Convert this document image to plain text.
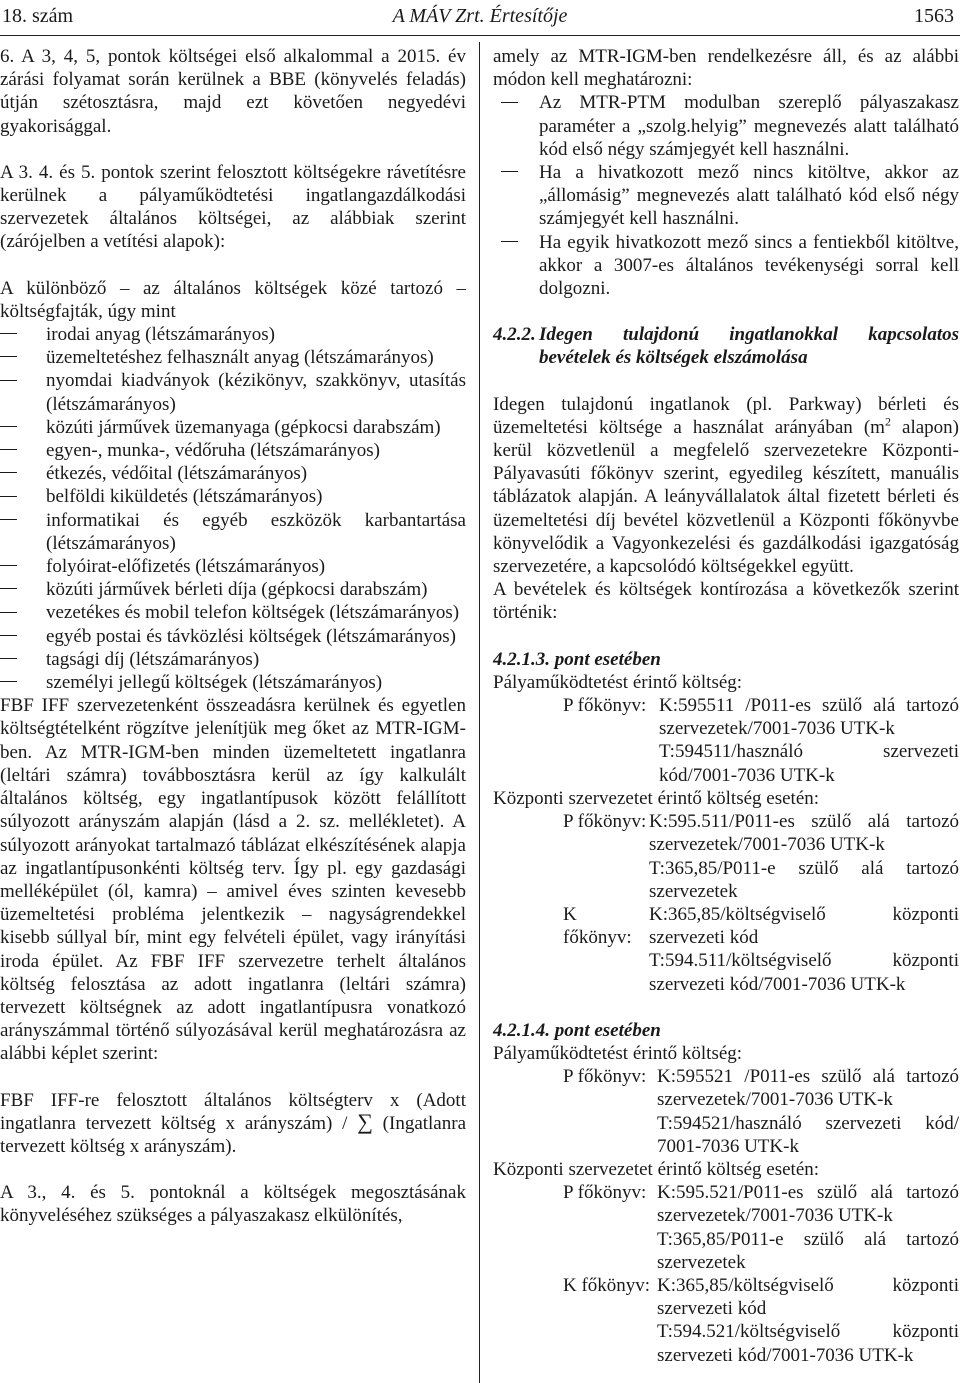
18. szám	A MÁV Zrt. Értesítője	1563

6. A 3, 4, 5, pontok költségei első alkalommal a 2015. év zárási folyamat során kerülnek a BBE (könyvelés feladás) útján szétosztásra, majd ezt követően negyedévi gyakorisággal.

A 3. 4. és 5. pontok szerint felosztott költségekre rávetítésre kerülnek a pályaműködtetési ingatlangazdálkodási szervezetek általános költségei, az alábbiak szerint (zárójelben a vetítési alapok):

A különböző – az általános költségek közé tartozó – költségfajták, úgy mint

irodai anyag (létszámarányos)
üzemeltetéshez felhasznált anyag (létszámarányos)
nyomdai kiadványok (kézikönyv, szakkönyv, utasítás (létszámarányos)
közúti járművek üzemanyaga (gépkocsi darabszám)
egyen-, munka-, védőruha (létszámarányos)
étkezés, védőital (létszámarányos)
belföldi kiküldetés (létszámarányos)
informatikai és egyéb eszközök karbantartása (létszámarányos)
folyóirat-előfizetés (létszámarányos)
közúti járművek bérleti díja (gépkocsi darabszám)
vezetékes és mobil telefon költségek (létszámarányos)
egyéb postai és távközlési költségek (létszámarányos)
tagsági díj (létszámarányos)
személyi jellegű költségek (létszámarányos)

FBF IFF szervezetenként összeadásra kerülnek és egyetlen költségtételként rögzítve jelenítjük meg őket az MTR-IGM-ben. Az MTR-IGM-ben minden üzemeltetett ingatlanra (leltári számra) továbbosztásra kerül az így kalkulált általános költség, egy ingatlantípusok között felállított súlyozott arányszám alapján (lásd a 2. sz. mellékletet). A súlyozott arányokat tartalmazó táblázat elkészítésének alapja az ingatlantípusonkénti költség terv. Így pl. egy gazdasági melléképület (ól, kamra) – amivel éves szinten kevesebb üzemeltetési probléma jelentkezik – nagyságrendekkel kisebb súllyal bír, mint egy felvételi épület, vagy irányítási iroda épület. Az FBF IFF szervezetre terhelt általános költség felosztása az adott ingatlanra (leltári számra) tervezett költségnek az adott ingatlantípusra vonatkozó arányszámmal történő súlyozásával kerül meghatározásra az alábbi képlet szerint:

FBF IFF-re felosztott általános költségterv x (Adott ingatlanra tervezett költség x arányszám) / ∑ (Ingatlanra tervezett költség x arányszám).

A 3., 4. és 5. pontoknál a költségek megosztásának könyveléséhez szükséges a pályaszakasz elkülönítés,

amely az MTR-IGM-ben rendelkezésre áll, és az alábbi módon kell meghatározni:

Az MTR-PTM modulban szereplő pályaszakasz paraméter a „szolg.helyig” megnevezés alatt található kód első négy számjegyét kell használni.
Ha a hivatkozott mező nincs kitöltve, akkor az „állomásig” megnevezés alatt található kód első négy számjegyét kell használni.
Ha egyik hivatkozott mező sincs a fentiekből kitöltve, akkor a 3007-es általános tevékenységi sorral kell dolgozni.
4.2.2. Idegen tulajdonú ingatlanokkal kapcsolatos bevételek és költségek elszámolása

Idegen tulajdonú ingatlanok (pl. Parkway) bérleti és üzemeltetési költsége a használat arányában ($m^2$ alapon) kerül közvetlenül a megfelelő szervezetekre Központi-Pályavasúti főkönyv szerint, egyedileg készített, manuális táblázatok alapján. A leányvállalatok által fizetett bérleti és üzemeltetési díj bevétel közvetlenül a Központi főkönyvbe könyvelődik a Vagyonkezelési és gazdálkodási igazgatóság szervezetére, a kapcsolódó költségekkel együtt.

A bevételek és költségek kontírozása a következők szerint történik:

4.2.1.3. pont esetében
Pályaműködtetést érintő költség:
P főkönyv: K:595511 /P011-es szülő alá tartozó szervezetek/7001-7036 UTK-k
T:594511/használó szervezeti kód/7001-7036 UTK-k
Központi szervezetet érintő költség esetén:
P főkönyv: K:595.511/P011-es szülő alá tartozó szervezetek/7001-7036 UTK-k
T:365,85/P011-e szülő alá tartozó szervezetek
K főkönyv:
K:365,85/költségviselő központi szervezeti kód
T:594.511/költségviselő központi szervezeti kód/7001-7036 UTK-k
4.2.1.4. pont esetében
Pályaműködtetést érintő költség:
P főkönyv: K:595521 /P011-es szülő alá tartozó szervezetek/7001-7036 UTK-k
T:594521/használó szervezeti kód/ 7001-7036 UTK-k
Központi szervezetet érintő költség esetén:
P főkönyv: K:595.521/P011-es szülő alá tartozó szervezetek/7001-7036 UTK-k
T:365,85/P011-e szülő alá tartozó szervezetek
K főkönyv: K:365,85/költségviselő központi szervezeti kód
T:594.521/költségviselő központi szervezeti kód/7001-7036 UTK-k
